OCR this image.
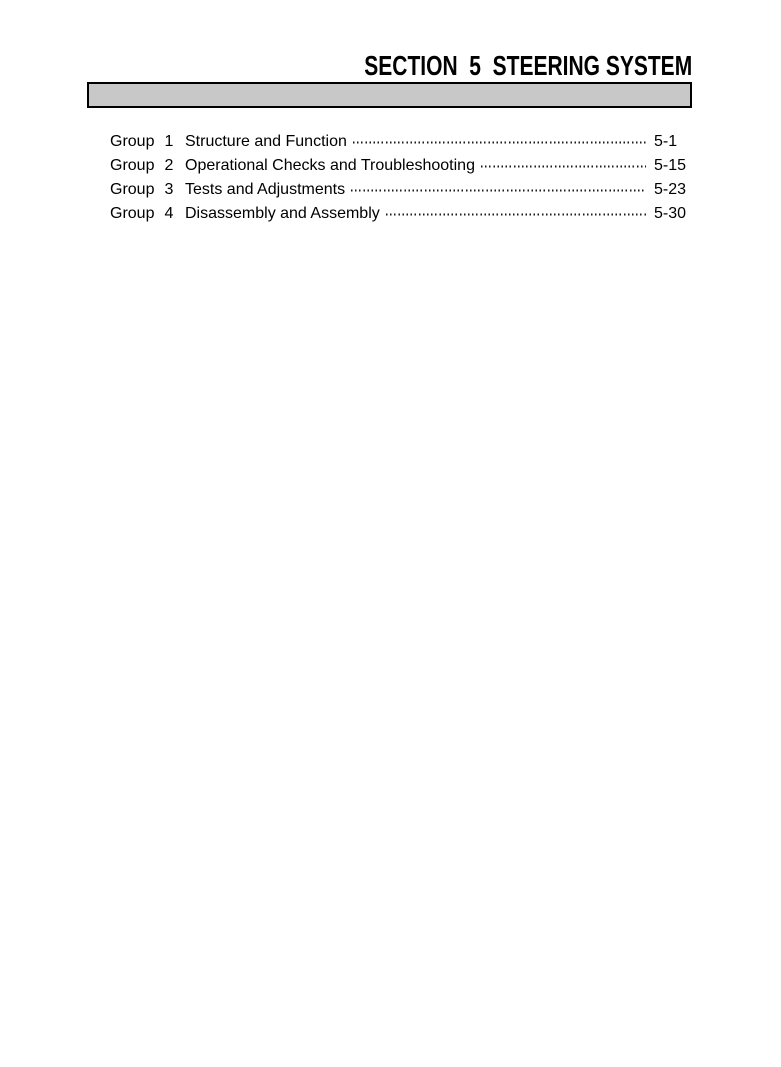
SECTION  5  STEERING SYSTEM
Group 1 Structure and Function	5-1
Group 2 Operational Checks and Troubleshooting	5-15
Group 3 Tests and Adjustments	5-23
Group 4 Disassembly and Assembly	5-30
